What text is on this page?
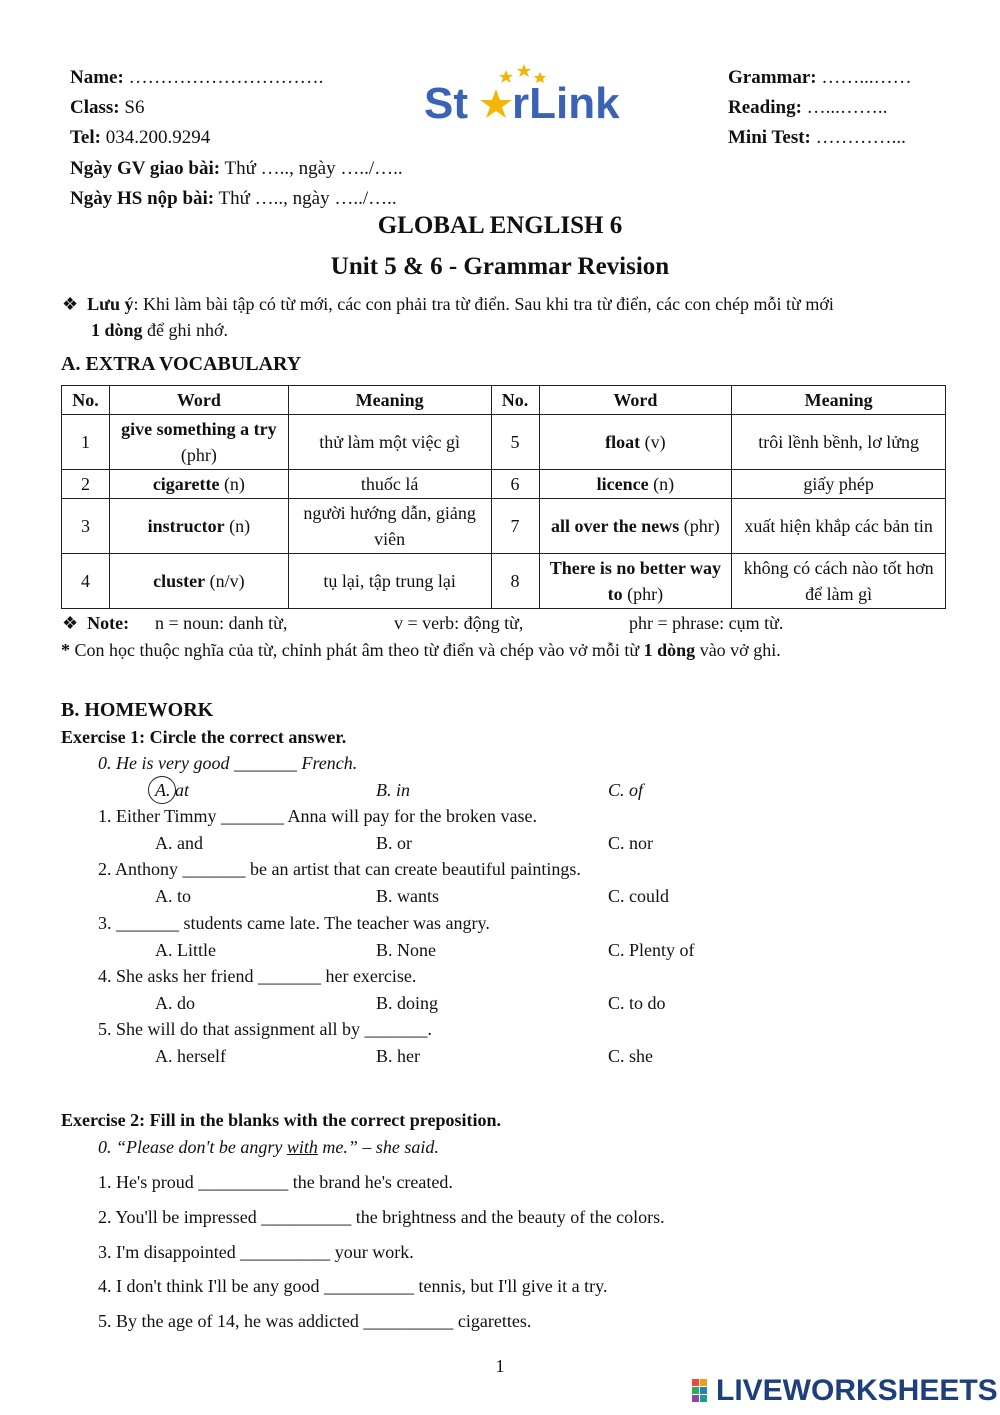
Name: ………………………….
Class: S6
Tel: 034.200.9294
Ngày GV giao bài: Thứ ….., ngày …../…..
Ngày HS nộp bài: Thứ ….., ngày …../…..
Grammar: ……...……
Reading: …...……..
Mini Test: …………...
St rLink
GLOBAL ENGLISH 6
Unit 5 & 6 - Grammar Revision
❖ Lưu ý: Khi làm bài tập có từ mới, các con phải tra từ điển. Sau khi tra từ điển, các con chép mỗi từ mới
1 dòng để ghi nhớ.
A. EXTRA VOCABULARY
No.	Word	Meaning	No.	Word	Meaning
1	give something a try (phr)	thử làm một việc gì	5	float (v)	trôi lềnh bềnh, lơ lửng
2	cigarette (n)	thuốc lá	6	licence (n)	giấy phép
3	instructor (n)	người hướng dẫn, giảng viên	7	all over the news (phr)	xuất hiện khắp các bản tin
4	cluster (n/v)	tụ lại, tập trung lại	8	There is no better way to (phr)	không có cách nào tốt hơn để làm gì
❖ Note: n = noun: danh từ,	v = verb: động từ,	phr = phrase: cụm từ.
* Con học thuộc nghĩa của từ, chỉnh phát âm theo từ điển và chép vào vở mỗi từ 1 dòng vào vở ghi.
B. HOMEWORK
Exercise 1: Circle the correct answer.
0. He is very good _______ French.
A. at	B. in	C. of
1. Either Timmy _______ Anna will pay for the broken vase.
A. and	B. or	C. nor
2. Anthony _______ be an artist that can create beautiful paintings.
A. to	B. wants	C. could
3. _______ students came late. The teacher was angry.
A. Little	B. None	C. Plenty of
4. She asks her friend _______ her exercise.
A. do	B. doing	C. to do
5. She will do that assignment all by _______.
A. herself	B. her	C. she
Exercise 2: Fill in the blanks with the correct preposition.
0. “Please don't be angry with me.” – she said.
1. He's proud __________ the brand he's created.
2. You'll be impressed __________ the brightness and the beauty of the colors.
3. I'm disappointed __________ your work.
4. I don't think I'll be any good __________ tennis, but I'll give it a try.
5. By the age of 14, he was addicted __________ cigarettes.
1
LIVEWORKSHEETS
